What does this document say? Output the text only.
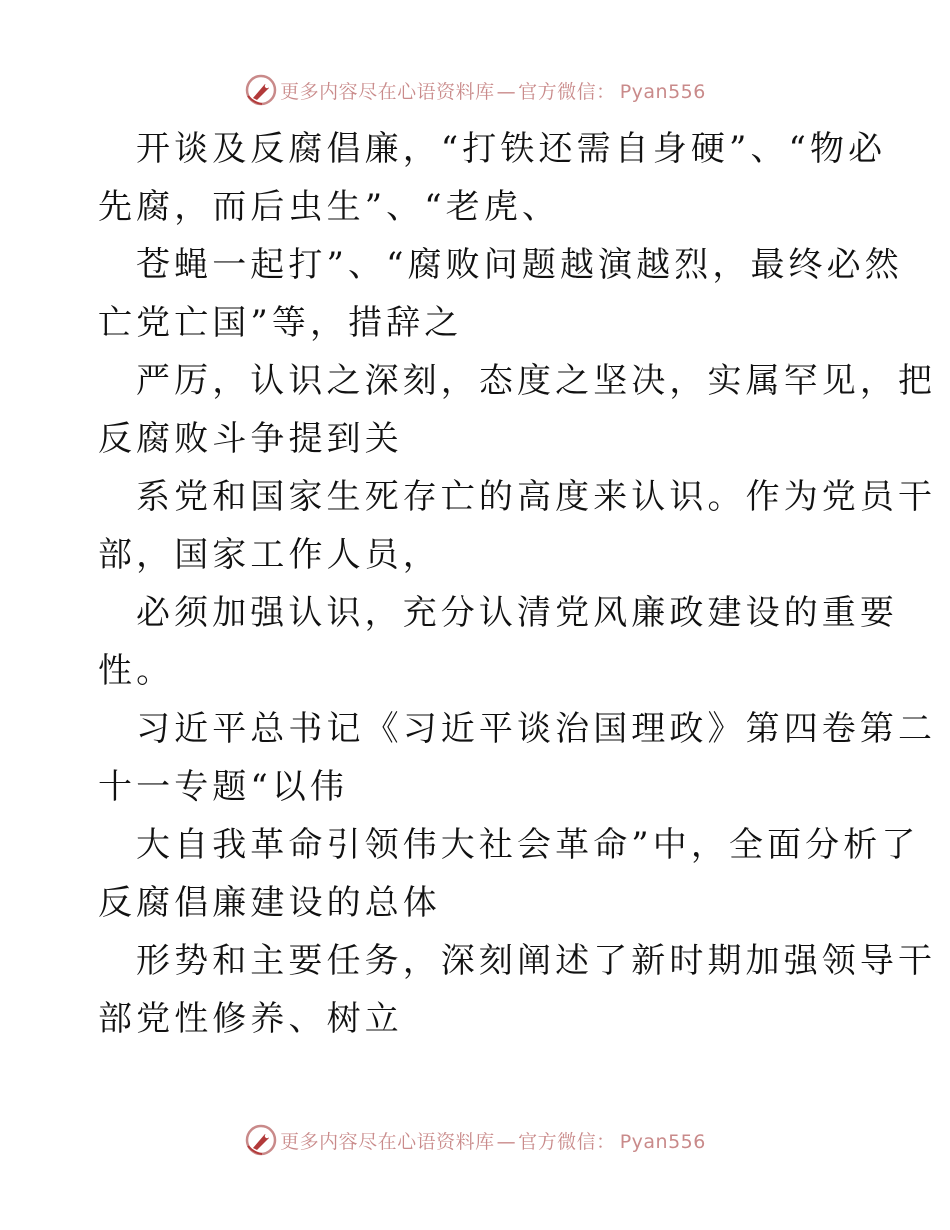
更多内容尽在心语资料库 — 官方微信： Pyan556
开谈及反腐倡廉，“打铁还需自身硬”、“物必
先腐，而后虫生”、“老虎、
苍蝇一起打”、“腐败问题越演越烈，最终必然
亡党亡国”等，措辞之
严厉，认识之深刻，态度之坚决，实属罕见，把
反腐败斗争提到关
系党和国家生死存亡的高度来认识。作为党员干
部，国家工作人员，
必须加强认识，充分认清党风廉政建设的重要
性。
习近平总书记《习近平谈治国理政》第四卷第二
十一专题“以伟
大自我革命引领伟大社会革命”中，全面分析了
反腐倡廉建设的总体
形势和主要任务，深刻阐述了新时期加强领导干
部党性修养、树立
更多内容尽在心语资料库 — 官方微信： Pyan556
